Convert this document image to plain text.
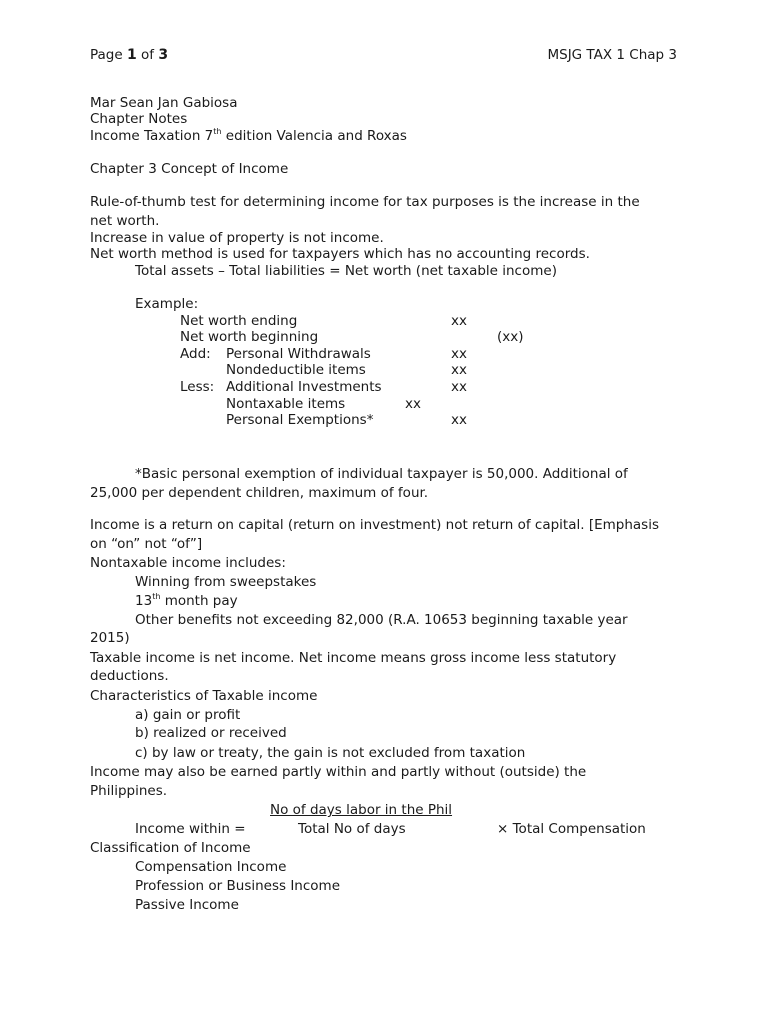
Page 1 of 3	MSJG TAX 1 Chap 3
Mar Sean Jan Gabiosa
Chapter Notes
Income Taxation 7th edition Valencia and Roxas
Chapter 3 Concept of Income
Rule-of-thumb test for determining income for tax purposes is the increase in the
net worth.
Increase in value of property is not income.
Net worth method is used for taxpayers which has no accounting records.
Total assets – Total liabilities = Net worth (net taxable income)
Example:
Net worth ending	xx
Net worth beginning	(xx)
Add: Personal Withdrawals	xx
Nondeductible items	xx
Less: Additional Investments	xx
Nontaxable items	xx
Personal Exemptions*	xx
*Basic personal exemption of individual taxpayer is 50,000. Additional of
25,000 per dependent children, maximum of four.
Income is a return on capital (return on investment) not return of capital. [Emphasis
on “on” not “of”]
Nontaxable income includes:
Winning from sweepstakes
13th month pay
Other benefits not exceeding 82,000 (R.A. 10653 beginning taxable year
2015)
Taxable income is net income. Net income means gross income less statutory
deductions.
Characteristics of Taxable income
a) gain or profit
b) realized or received
c) by law or treaty, the gain is not excluded from taxation
Income may also be earned partly within and partly without (outside) the
Philippines.
No of days labor in the Phil
Income within =	Total No of days	× Total Compensation
Classification of Income
Compensation Income
Profession or Business Income
Passive Income
